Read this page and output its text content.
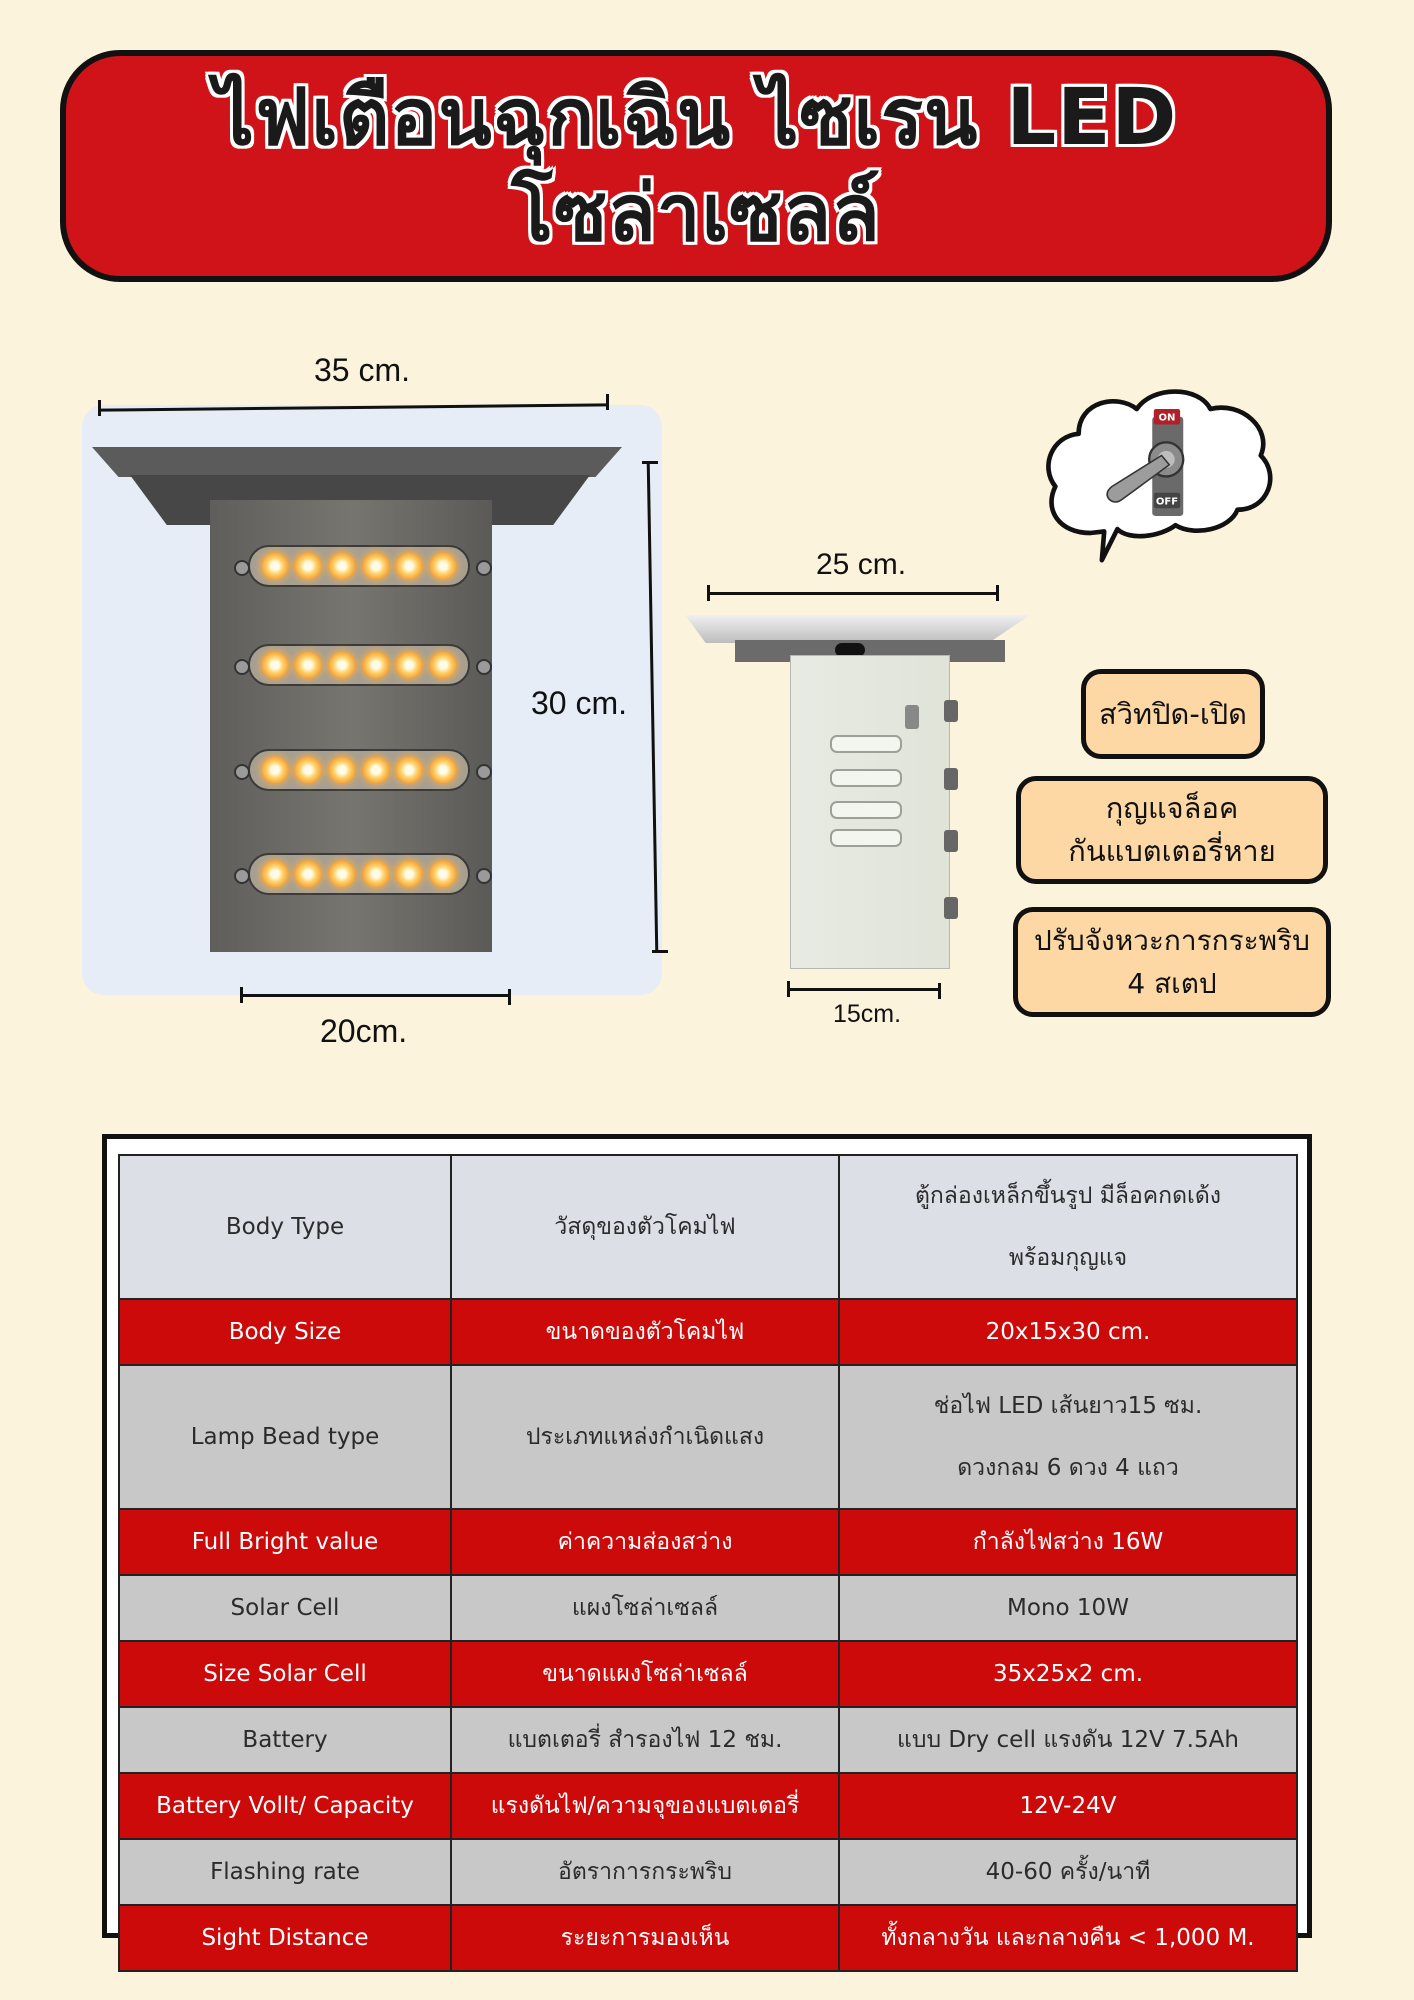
ไฟเตือนฉุกเฉิน ไซเรน LED
โซล่าเซลล์
35 cm.
30 cm.
20cm.
25 cm.
15cm.
ON
OFF
สวิทปิด-เปิด
กุญแจล็อค
กันแบตเตอรี่หาย
ปรับจังหวะการกระพริบ
4 สเตป
Body Type	วัสดุของตัวโคมไฟ	ตู้กล่องเหล็กขึ้นรูป มีล็อคกดเด้ง
พร้อมกุญแจ

Body Size	ขนาดของตัวโคมไฟ	20x15x30 cm.
Lamp Bead type	ประเภทแหล่งกำเนิดแสง	ช่อไฟ LED เส้นยาว15 ซม.
ดวงกลม 6 ดวง 4 แถว

Full Bright value	ค่าความส่องสว่าง	กำลังไฟสว่าง 16W
Solar Cell	แผงโซล่าเซลล์	Mono 10W
Size Solar Cell	ขนาดแผงโซล่าเซลล์	35x25x2 cm.
Battery	แบตเตอรี่ สำรองไฟ 12 ชม.	แบบ Dry cell แรงดัน 12V 7.5Ah
Battery Vollt/ Capacity	แรงดันไฟ/ความจุของแบตเตอรี่	12V-24V
Flashing rate	อัตราการกระพริบ	40-60 ครั้ง/นาที
Sight Distance	ระยะการมองเห็น	ทั้งกลางวัน และกลางคืน < 1,000 M.
